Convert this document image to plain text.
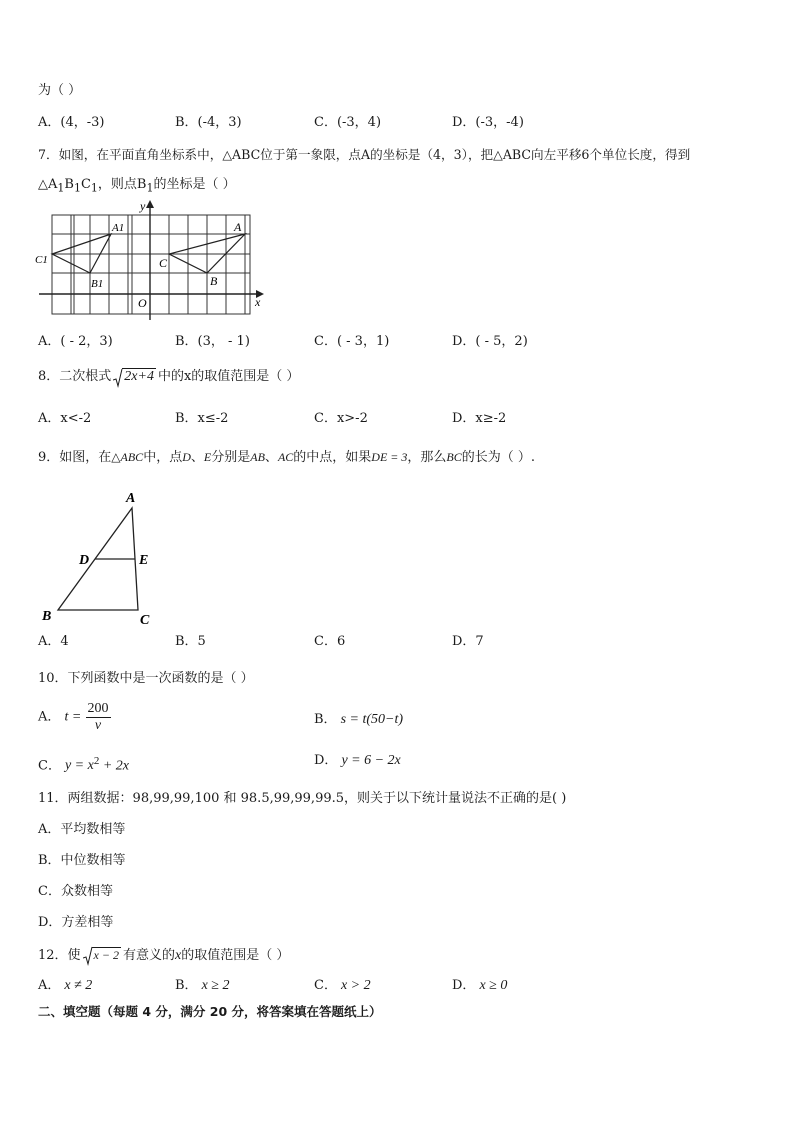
为（ ）
A．(4，-3)	B．(-4，3)	C．(-3，4)	D．(-3，-4)
7．如图，在平面直角坐标系中，△ABC位于第一象限，点A的坐标是（4，3），把△ABC向左平移6个单位长度，得到
$\triangle A_1B_1C_1$，则点$B_1$的坐标是（ ）
y
x
O
A
B
C
A1
B1
C1
A．( - 2，3)	B．(3， - 1)	C．( - 3，1)	D．( - 5，2)
8．二次根式 2x+4 中的x的取值范围是（ ）
A．x<-2	B．x≤-2	C．x>-2	D．x≥-2
9．如图，在△ABC中，点D、E分别是AB、AC的中点，如果DE = 3，那么BC的长为（ ）.
A
B	C
D	E
A．4	B．5	C．6	D．7
10．下列函数中是一次函数的是（ ）
A． $t = \frac{200}{v}$	B． s = t(50−t)
C． $y = x^2 + 2x$	D． y = 6 − 2x
11．两组数据：98,99,99,100 和 98.5,99,99,99.5，则关于以下统计量说法不正确的是( )
A．平均数相等
B．中位数相等
C．众数相等
D．方差相等
12．使 x − 2 有意义的x的取值范围是（ ）
A． x ≠ 2	B． x ≥ 2	C． x > 2	D． x ≥ 0
二、填空题（每题 4 分，满分 20 分，将答案填在答题纸上）
